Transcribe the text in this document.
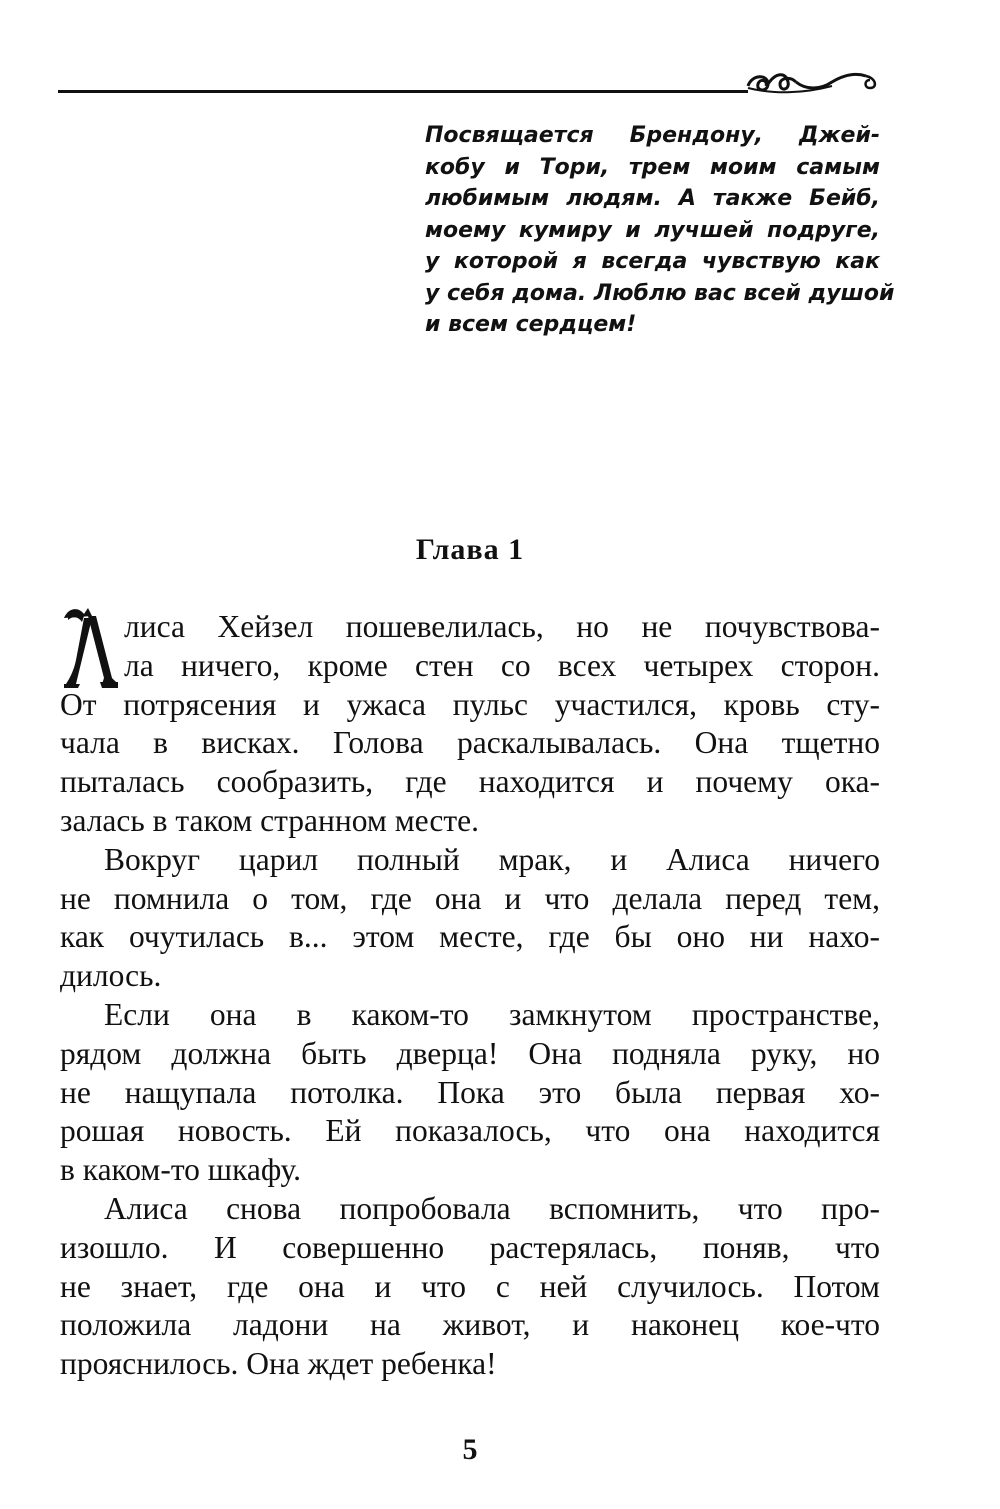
Посвящается Брендону, Джей-
кобу и Тори, трем моим самым
любимым людям. А также Бейб,
моему кумиру и лучшей подруге,
у которой я всегда чувствую как
у себя дома. Люблю вас всей душой
и всем сердцем!
Глава 1
лиса Хейзел пошевелилась, но не почувствова-
ла ничего, кроме стен со всех четырех сторон.
От потрясения и ужаса пульс участился, кровь сту-
чала в висках. Голова раскалывалась. Она тщетно
пыталась сообразить, где находится и почему ока-
залась в таком странном месте.
Вокруг царил полный мрак, и Алиса ничего
не помнила о том, где она и что делала перед тем,
как очутилась в... этом месте, где бы оно ни нахо-
дилось.
Если она в каком-то замкнутом пространстве,
рядом должна быть дверца! Она подняла руку, но
не нащупала потолка. Пока это была первая хо-
рошая новость. Ей показалось, что она находится
в каком-то шкафу.
Алиса снова попробовала вспомнить, что про-
изошло. И совершенно растерялась, поняв, что
не знает, где она и что с ней случилось. Потом
положила ладони на живот, и наконец кое-что
прояснилось. Она ждет ребенка!
5
